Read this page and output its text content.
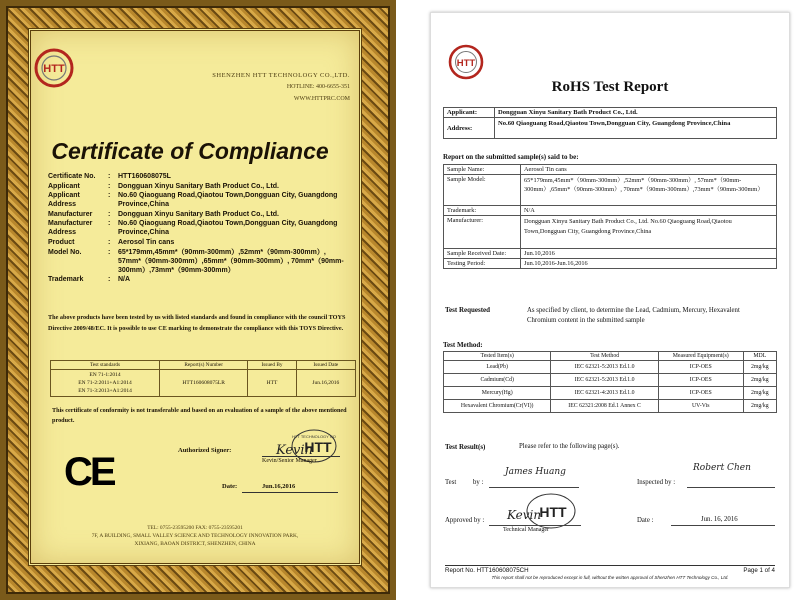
HTT
SHENZHEN HTT TECHNOLOGY CO.,LTD.
HOTLINE: 400-6655-351
WWW.HTTPRC.COM
Certificate of Compliance
Certificate No.	:	HTT160608075L
Applicant	:	Dongguan Xinyu Sanitary Bath Product Co., Ltd.
Applicant Address
:	No.60 Qiaoguang Road,Qiaotou Town,Dongguan City, Guangdong Province,China
Manufacturer	:	Dongguan Xinyu Sanitary Bath Product Co., Ltd.
Manufacturer Address
:	No.60 Qiaoguang Road,Qiaotou Town,Dongguan City, Guangdong Province,China
Product	:	Aerosol Tin cans
Model No.	:	65*179mm,45mm*（90mm-300mm）,52mm*（90mm-300mm）, 57mm*（90mm-300mm）,65mm*（90mm-300mm）, 70mm*（90mm-300mm）,73mm*（90mm-300mm）
Trademark	:	N/A
The above products have been tested by us with listed standards and found in compliance with the council TOYS Directive 2009/48/EC. It is possible to use CE marking to demonstrate the compliance with this TOYS Directive.
Test standards	Report(s) Number	Issued By	Issued Date

EN 71-1:2014
EN 71-2:2011+A1:2014
EN 71-3:2013+A1:2014	HTT160608075LR	HTT	Jun.16,2016
This certificate of conformity is not transferable and based on an evaluation of a sample of the above mentioned product.
CE	Authorized Signer:
HTT TECHNOLOGY CO
HTT
Kevin
Kevin/Senior Manager
Date:	Jun.16,2016
TEL: 0755-23595200 FAX: 0755-23595201
7F, A BUILDING, SMALL VALLEY SCIENCE AND TECHNOLOGY INNOVATION PARK,
XIXIANG, BAOAN DISTRICT, SHENZHEN, CHINA
HTT
RoHS Test Report
Applicant:	Dongguan Xinyu Sanitary Bath Product Co., Ltd.
Address:	No.60 Qiaoguang Road,Qiaotou Town,Dongguan City, Guangdong Province,China
Report on the submitted sample(s) said to be:
Sample Name:	Aerosol Tin cans
Sample Model:	65*179mm,45mm*（90mm-300mm）,52mm*（90mm-300mm）, 57mm*（90mm-300mm）,65mm*（90mm-300mm）, 70mm*（90mm-300mm）,73mm*（90mm-300mm）
Trademark:	N/A
Manufacturer:	Dongguan Xinyu Sanitary Bath Product Co., Ltd. No.60 Qiaoguang Road,Qiaotou Town,Dongguan City, Guangdong Province,China
Sample Received Date:	Jun.10,2016
Testing Period:	Jun.10,2016-Jun.16,2016
Test Requested	As specified by client, to determine the Lead, Cadmium, Mercury, Hexavalent Chromium content in the submitted sample
Test Method:
Tested Item(s)	Test Method	Measured Equipment(s)	MDL
Lead(Pb)	IEC 62321-5:2013 Ed.1.0	ICP-OES	2mg/kg
Cadmium(Cd)	IEC 62321-5:2013 Ed.1.0	ICP-OES	2mg/kg
Mercury(Hg)	IEC 62321-4:2013 Ed.1.0	ICP-OES	2mg/kg
Hexavalent Chromium(Cr(VI))	IEC 62321:2008 Ed.1 Annex C	UV-Vis	2mg/kg
Test Result(s)	Please refer to the following page(s).
Test by :
James Huang
Inspected by :
Robert Chen
Approved by :
HTT
Kevin
Technical Manager
Date :	Jun. 16, 2016
Report No. HTT160608075CH	Page 1 of 4
This report shall not be reproduced except in full, without the written approval of Shenzhen HTT Technology Co., Ltd.
